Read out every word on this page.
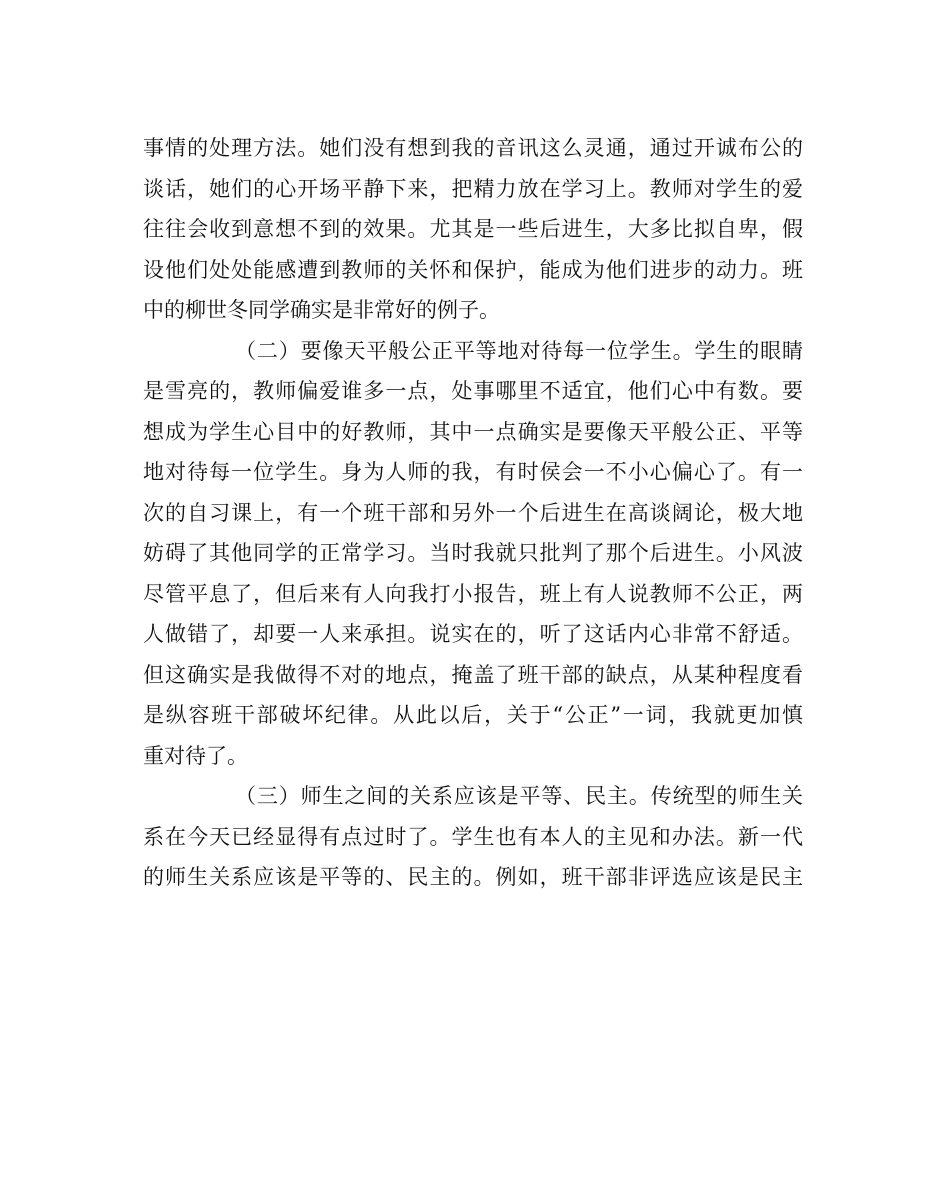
事情的处理方法。她们没有想到我的音讯这么灵通，通过开诚布公的
谈话，她们的心开场平静下来，把精力放在学习上。教师对学生的爱
往往会收到意想不到的效果。尤其是一些后进生，大多比拟自卑，假
设他们处处能感遭到教师的关怀和保护，能成为他们进步的动力。班
中的柳世冬同学确实是非常好的例子。
（二）要像天平般公正平等地对待每一位学生。学生的眼睛
是雪亮的，教师偏爱谁多一点，处事哪里不适宜，他们心中有数。要
想成为学生心目中的好教师，其中一点确实是要像天平般公正、平等
地对待每一位学生。身为人师的我，有时侯会一不小心偏心了。有一
次的自习课上，有一个班干部和另外一个后进生在高谈阔论，极大地
妨碍了其他同学的正常学习。当时我就只批判了那个后进生。小风波
尽管平息了，但后来有人向我打小报告，班上有人说教师不公正，两
人做错了，却要一人来承担。说实在的，听了这话内心非常不舒适。
但这确实是我做得不对的地点，掩盖了班干部的缺点，从某种程度看
是纵容班干部破坏纪律。从此以后，关于“公正”一词，我就更加慎
重对待了。
（三）师生之间的关系应该是平等、民主。传统型的师生关
系在今天已经显得有点过时了。学生也有本人的主见和办法。新一代
的师生关系应该是平等的、民主的。例如，班干部非评选应该是民主
